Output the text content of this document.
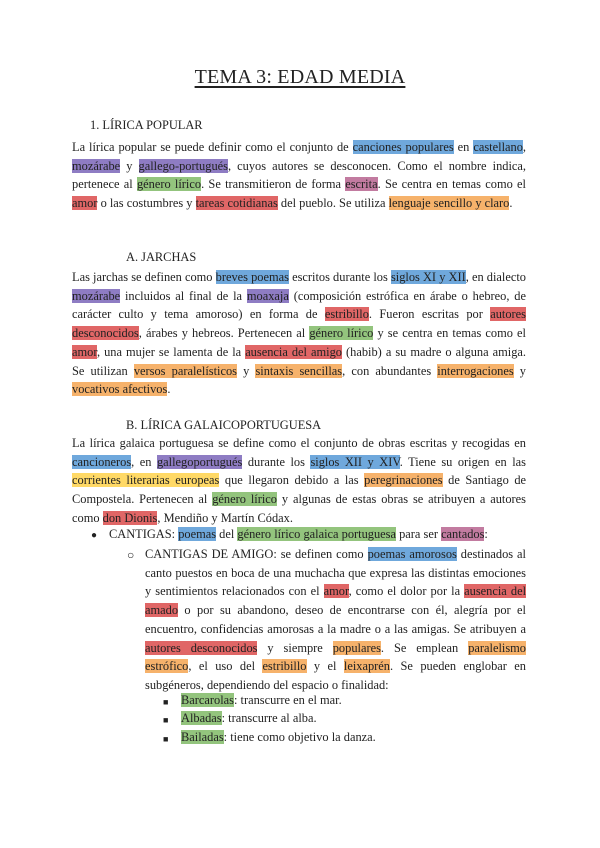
TEMA 3: EDAD MEDIA
1. LÍRICA POPULAR
La lírica popular se puede definir como el conjunto de canciones populares en castellano, mozárabe y gallego-portugués, cuyos autores se desconocen. Como el nombre indica, pertenece al género lírico. Se transmitieron de forma escrita. Se centra en temas como el amor o las costumbres y tareas cotidianas del pueblo. Se utiliza lenguaje sencillo y claro.
A. JARCHAS
Las jarchas se definen como breves poemas escritos durante los siglos XI y XII, en dialecto mozárabe incluidos al final de la moaxaja (composición estrófica en árabe o hebreo, de carácter culto y tema amoroso) en forma de estribillo. Fueron escritas por autores desconocidos, árabes y hebreos. Pertenecen al género lírico y se centra en temas como el amor, una mujer se lamenta de la ausencia del amigo (habib) a su madre o alguna amiga. Se utilizan versos paralelísticos y sintaxis sencillas, con abundantes interrogaciones y vocativos afectivos.
B. LÍRICA GALAICOPORTUGUESA
La lírica galaica portuguesa se define como el conjunto de obras escritas y recogidas en cancioneros, en gallegoportugués durante los siglos XII y XIV. Tiene su origen en las corrientes literarias europeas que llegaron debido a las peregrinaciones de Santiago de Compostela. Pertenecen al género lírico y algunas de estas obras se atribuyen a autores como don Dionis, Mendiño y Martín Códax.
● CANTIGAS: poemas del género lírico galaica portuguesa para ser cantados:
○ CANTIGAS DE AMIGO: se definen como poemas amorosos destinados al canto puestos en boca de una muchacha que expresa las distintas emociones y sentimientos relacionados con el amor, como el dolor por la ausencia del amado o por su abandono, deseo de encontrarse con él, alegría por el encuentro, confidencias amorosas a la madre o a las amigas. Se atribuyen a autores desconocidos y siempre populares. Se emplean paralelismo estrófico, el uso del estribillo y el leixaprén. Se pueden englobar en subgéneros, dependiendo del espacio o finalidad:
■ Barcarolas: transcurre en el mar.
■ Albadas: transcurre al alba.
■ Bailadas: tiene como objetivo la danza.
